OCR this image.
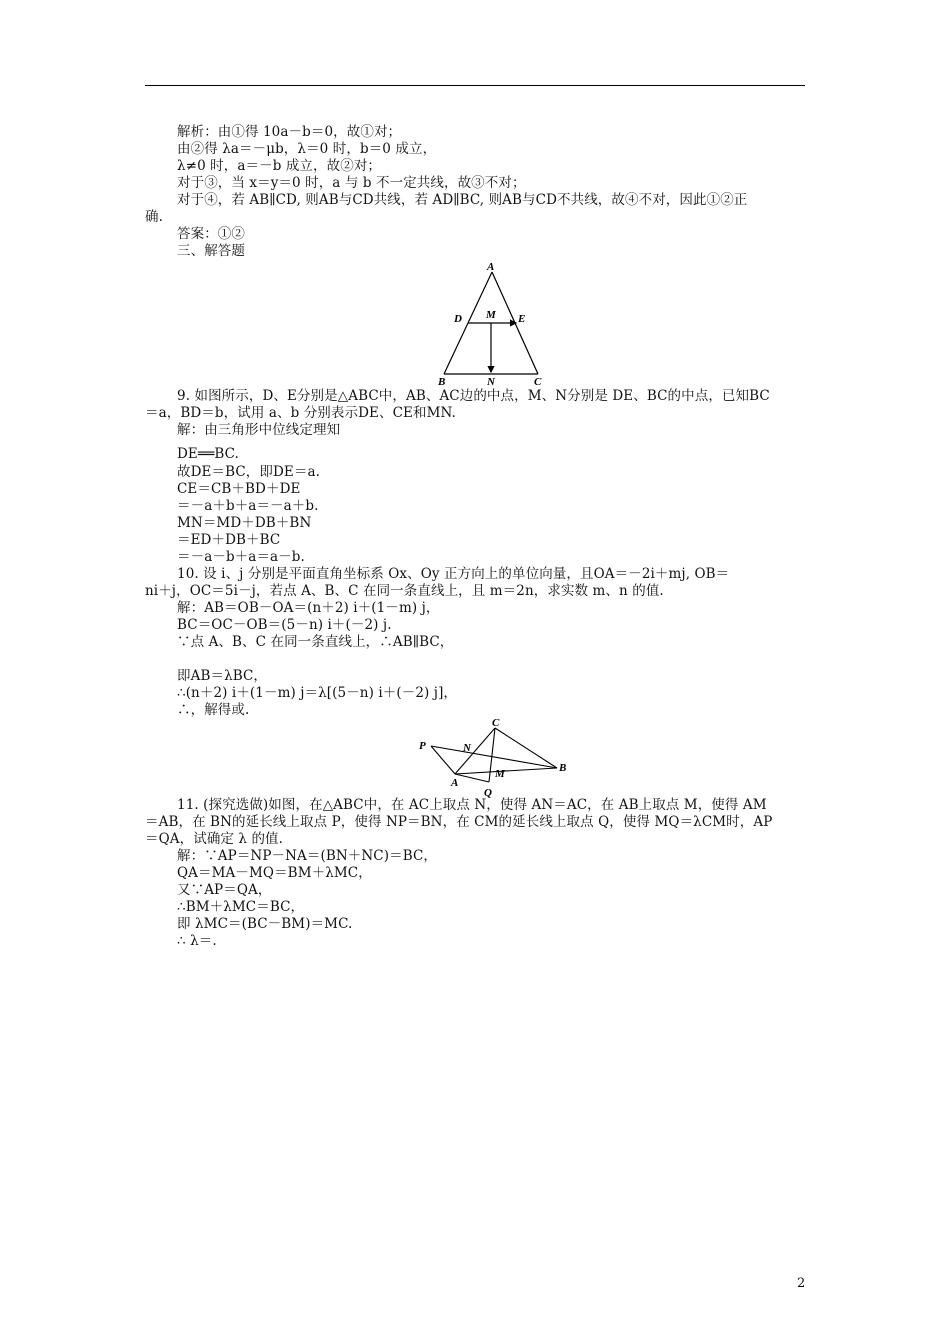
解析：由①得 10a－b＝0，故①对；
由②得 λa＝－μb，λ＝0 时，b＝0 成立，
λ≠0 时，a＝－b 成立，故②对；
对于③，当 x＝y＝0 时，a 与 b 不一定共线，故③不对；
对于④，若 AB∥CD, 则AB与CD共线，若 AD∥BC, 则AB与CD不共线，故④不对，因此①②正
确.
答案：①②
三、解答题
A
D M E
B	N	C
9. 如图所示，D、E分别是△ABC中，AB、AC边的中点，M、N分别是 DE、BC的中点，已知BC
＝a，BD＝b，试用 a、b 分别表示DE、CE和MN.
解：由三角形中位线定理知
DE══BC.
故DE＝BC，即DE＝a.
CE＝CB＋BD＋DE
＝－a＋b＋a＝－a＋b.
MN＝MD＋DB＋BN
＝ED＋DB＋BC
＝－a－b＋a＝a－b.
10. 设 i、j 分别是平面直角坐标系 Ox、Oy 正方向上的单位向量，且OA＝－2i＋mj, OB＝
ni＋j，OC＝5i－j，若点 A、B、C 在同一条直线上，且 m＝2n，求实数 m、n 的值.
解：AB＝OB－OA＝(n＋2) i＋(1－m) j，
BC＝OC－OB＝(5－n) i＋(－2) j.
∵点 A、B、C 在同一条直线上，∴AB∥BC，
即AB＝λBC，
∴(n＋2) i＋(1－m) j＝λ[(5－n) i＋(－2) j]，
∴，解得或.
P	N
C
A
M	B
Q
11. (探究选做)如图，在△ABC中，在 AC上取点 N，使得 AN＝AC，在 AB上取点 M，使得 AM
＝AB，在 BN的延长线上取点 P，使得 NP＝BN，在 CM的延长线上取点 Q，使得 MQ＝λCM时，AP
＝QA，试确定 λ 的值.
解：∵AP＝NP－NA＝(BN＋NC)＝BC，
QA＝MA－MQ＝BM＋λMC，
又∵AP＝QA，
∴BM＋λMC＝BC，
即 λMC＝(BC－BM)＝MC.
∴ λ＝.
2
